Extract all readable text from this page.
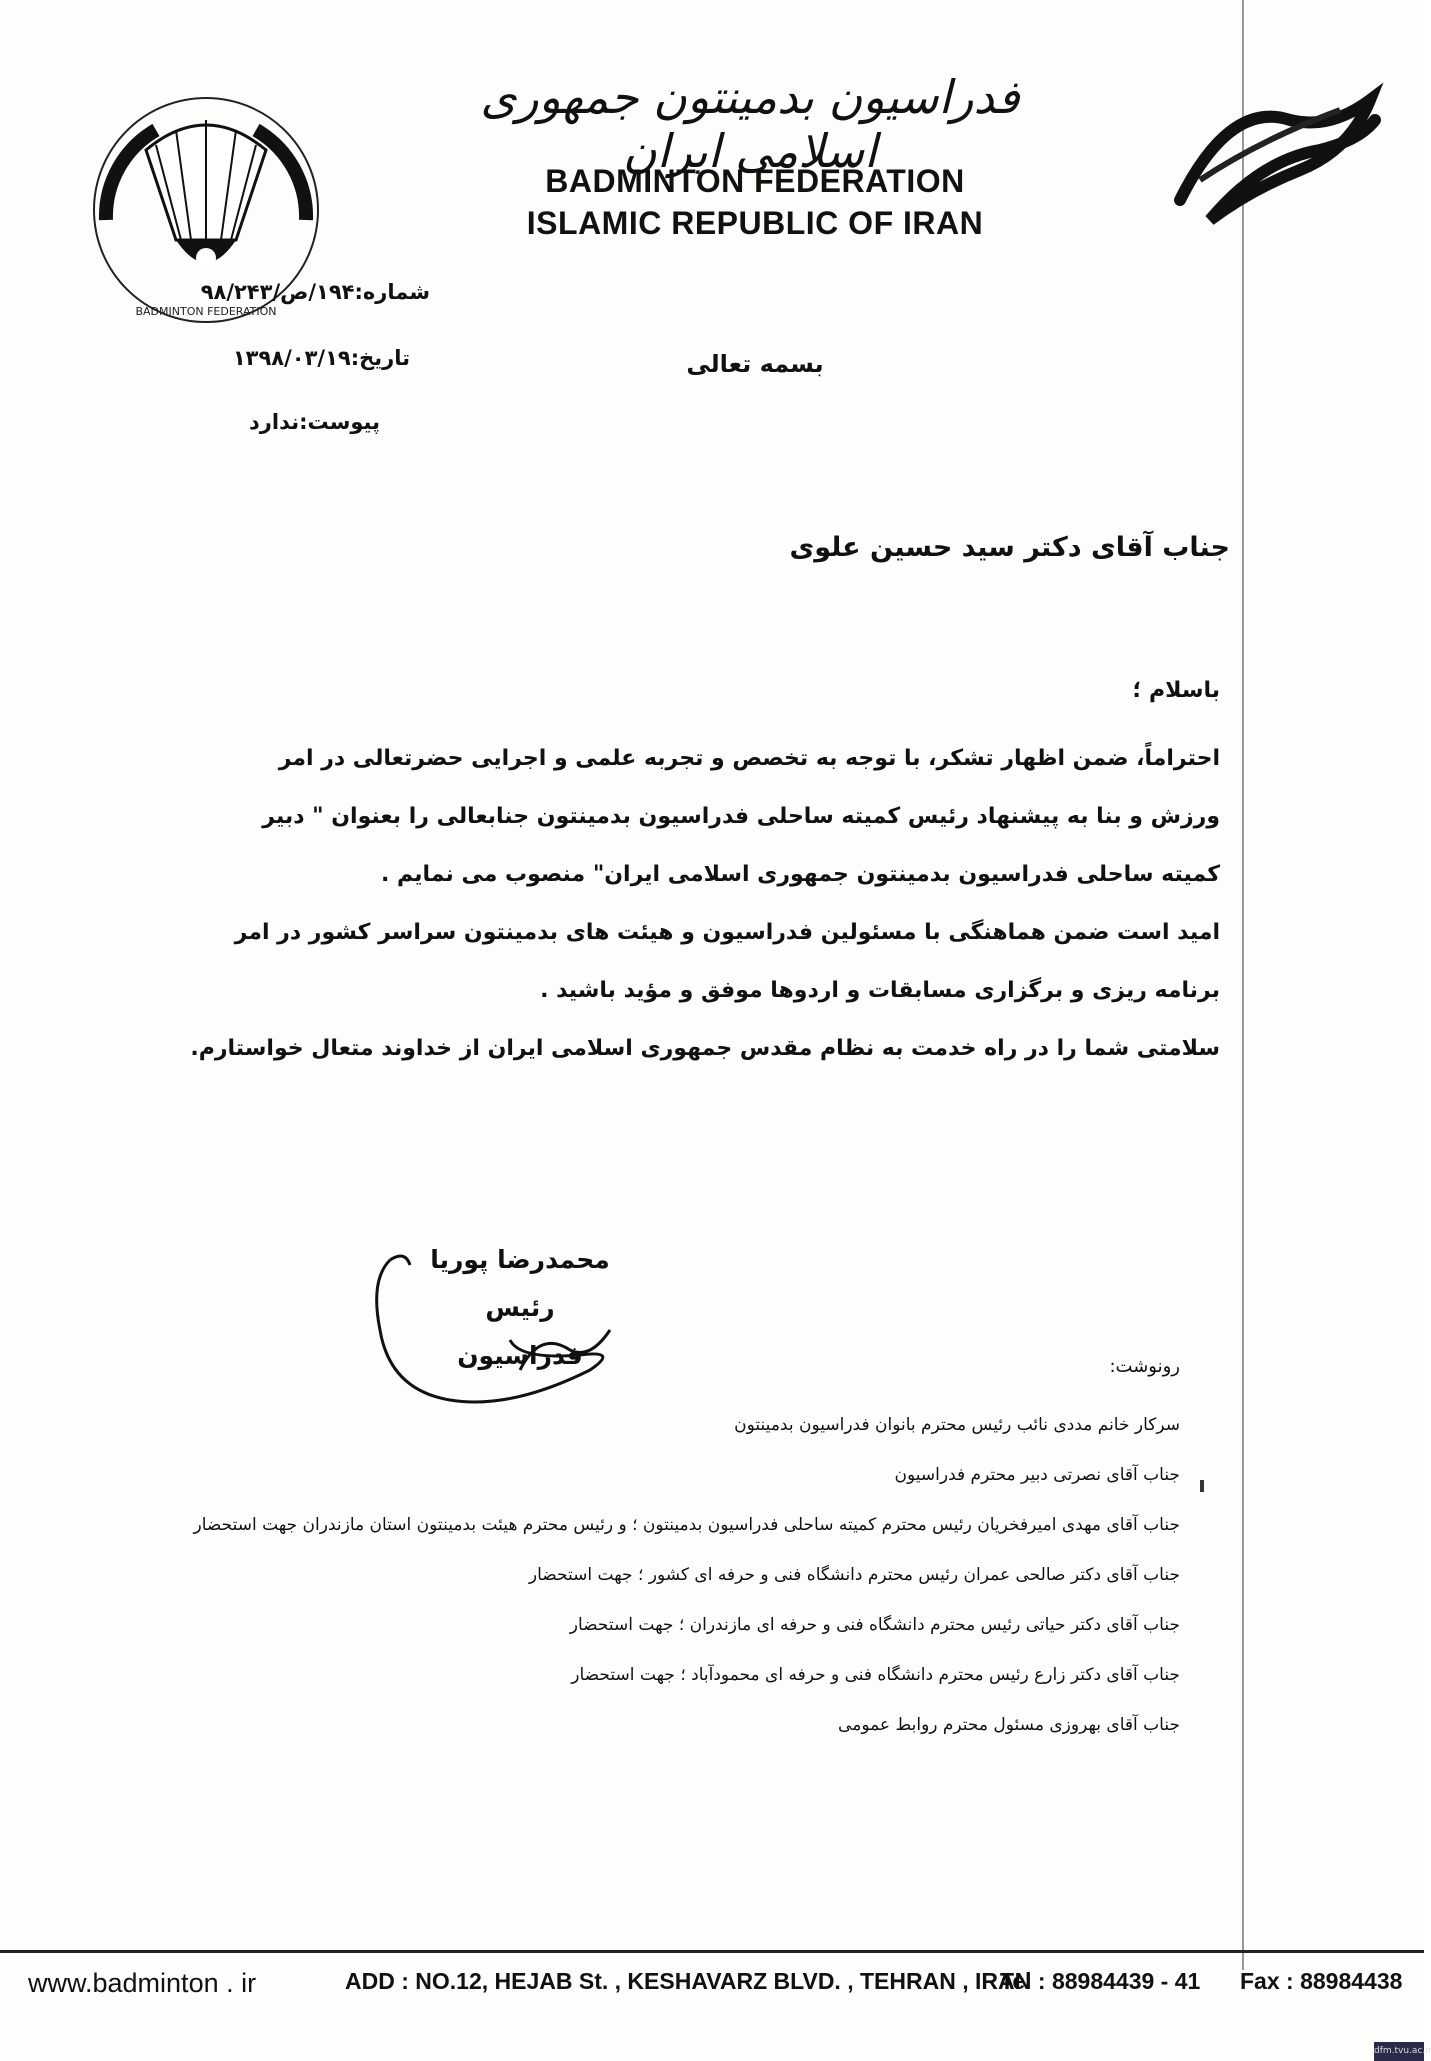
BADMINTON FEDERATION
فدراسیون بدمینتون جمهوری اسلامی ایران
BADMINTON FEDERATION
ISLAMIC REPUBLIC OF IRAN
شماره:۱۹۴/ص/۹۸/۲۴۳
تاریخ:۱۳۹۸/۰۳/۱۹
پیوست:ندارد
بسمه تعالی
جناب آقای دکتر سید حسین علوی
باسلام ؛
احتراماً، ضمن اظهار تشکر، با توجه به تخصص و تجربه علمی و اجرایی حضرتعالی در امر
ورزش و بنا به پیشنهاد رئیس کمیته ساحلی فدراسیون بدمینتون جنابعالی را بعنوان " دبیر
کمیته ساحلی فدراسیون بدمینتون جمهوری اسلامی ایران" منصوب می نمایم .
امید است ضمن هماهنگی با مسئولین فدراسیون و هیئت های بدمینتون سراسر کشور در امر
برنامه ریزی و برگزاری مسابقات و اردوها موفق و مؤید باشید .
سلامتی شما را در راه خدمت به نظام مقدس جمهوری اسلامی ایران از خداوند متعال خواستارم.
محمدرضا پوریا
رئیس فدراسیون	رونوشت:
سرکار خانم مددی نائب رئیس محترم بانوان فدراسیون بدمینتون
جناب آقای نصرتی دبیر محترم فدراسیون
جناب آقای مهدی امیرفخریان رئیس محترم کمیته ساحلی فدراسیون بدمینتون ؛ و رئیس محترم هیئت بدمینتون استان مازندران جهت استحضار
جناب آقای دکتر صالحی عمران رئیس محترم دانشگاه فنی و حرفه ای کشور ؛ جهت استحضار
جناب آقای دکتر حیاتی رئیس محترم دانشگاه فنی و حرفه ای مازندران ؛ جهت استحضار
جناب آقای دکتر زارع رئیس محترم دانشگاه فنی و حرفه ای محمودآباد ؛ جهت استحضار
جناب آقای بهروزی مسئول محترم روابط عمومی
www.badminton . ir	ADD : NO.12, HEJAB St. , KESHAVARZ BLVD. , TEHRAN , IRAN
Tel : 88984439 - 41 Fax : 88984438
dfm.tvu.ac.ir
